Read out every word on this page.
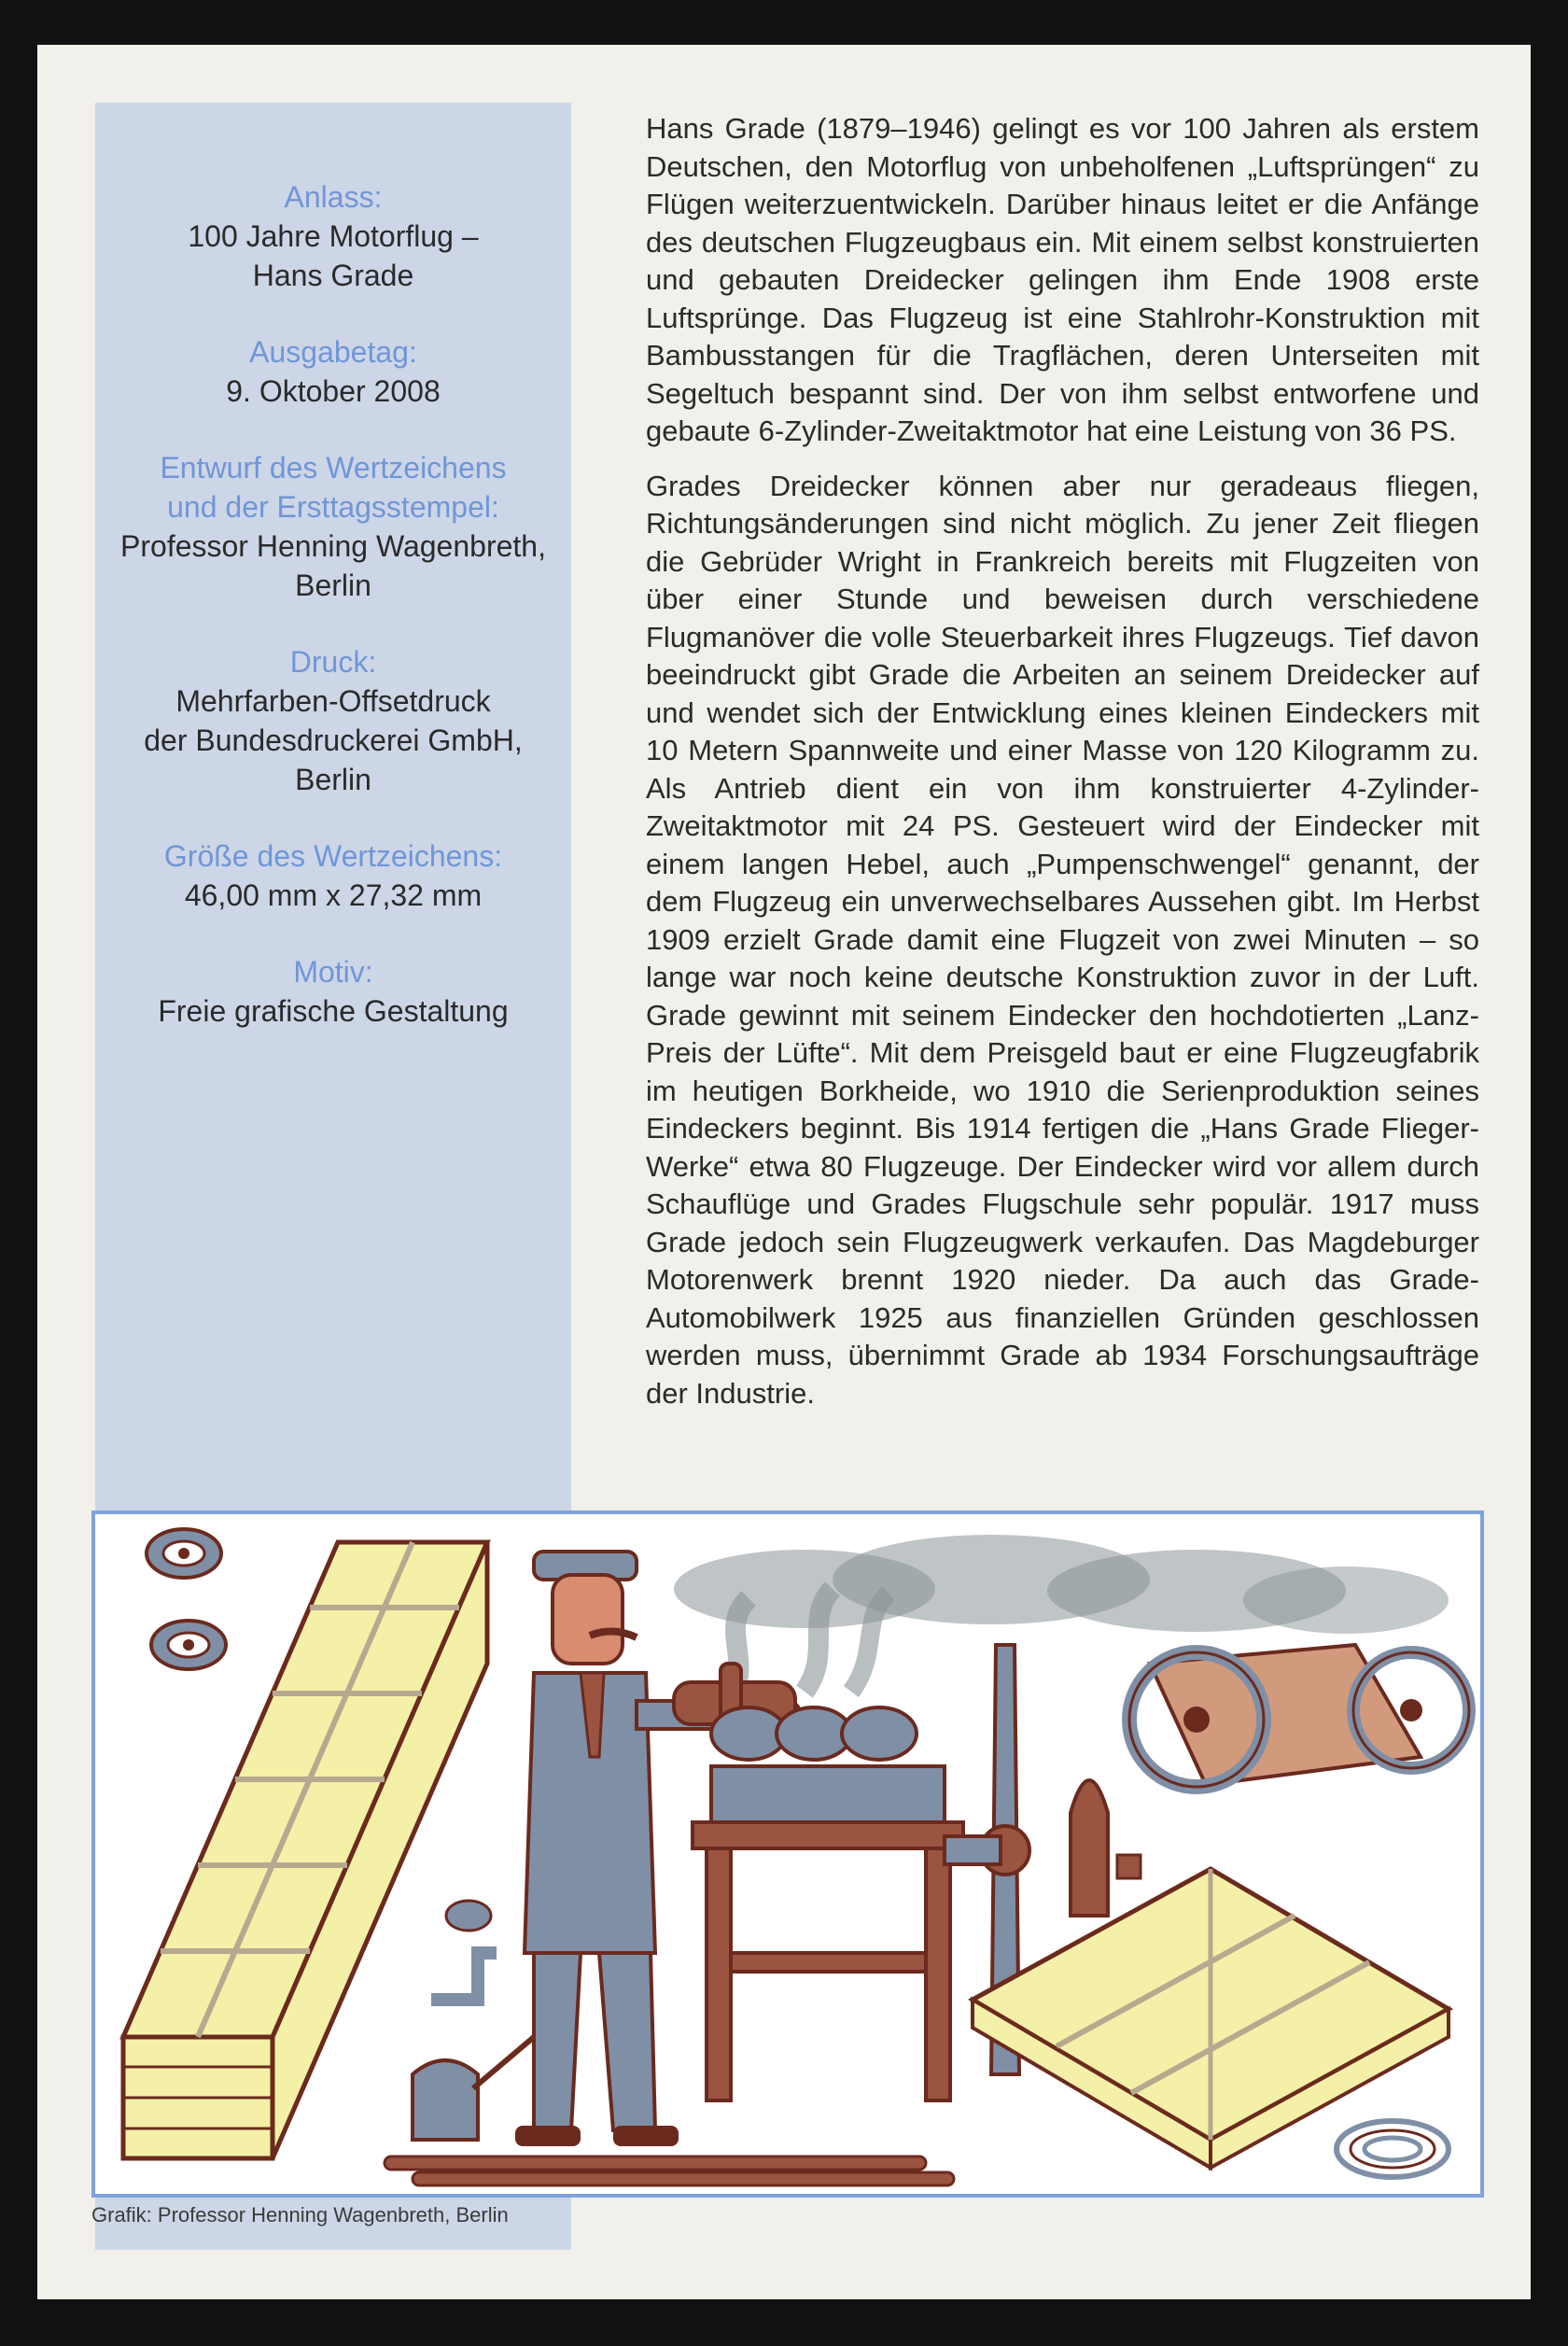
Anlass:
100 Jahre Motorflug –
Hans Grade
Ausgabetag:
9. Oktober 2008
Entwurf des Wertzeichens
und der Ersttagsstempel:
Professor Henning Wagenbreth,
Berlin
Druck:
Mehrfarben-Offsetdruck
der Bundesdruckerei GmbH,
Berlin
Größe des Wertzeichens:
46,00 mm x 27,32 mm
Motiv:
Freie grafische Gestaltung

Hans Grade (1879–1946) gelingt es vor 100 Jahren als erstem Deutschen, den Motorflug von unbeholfenen „Luftsprüngen“ zu Flügen weiterzuentwickeln. Darüber hinaus leitet er die Anfänge des deutschen Flugzeugbaus ein. Mit einem selbst konstruierten und gebauten Dreidecker gelingen ihm Ende 1908 erste Luftsprünge. Das Flugzeug ist eine Stahlrohr-Konstruktion mit Bambusstangen für die Tragflächen, deren Unterseiten mit Segeltuch bespannt sind. Der von ihm selbst entworfene und gebaute 6-Zylinder-Zweitaktmotor hat eine Leistung von 36 PS.

Grades Dreidecker können aber nur geradeaus fliegen, Richtungsänderungen sind nicht möglich. Zu jener Zeit fliegen die Gebrüder Wright in Frankreich bereits mit Flugzeiten von über einer Stunde und beweisen durch verschiedene Flugmanöver die volle Steuerbarkeit ihres Flugzeugs. Tief davon beeindruckt gibt Grade die Arbeiten an seinem Dreidecker auf und wendet sich der Entwicklung eines kleinen Eindeckers mit 10 Metern Spannweite und einer Masse von 120 Kilogramm zu. Als Antrieb dient ein von ihm konstruierter 4-Zylinder-Zweitaktmotor mit 24 PS. Gesteuert wird der Eindecker mit einem langen Hebel, auch „Pumpenschwengel“ genannt, der dem Flugzeug ein unverwechselbares Aussehen gibt. Im Herbst 1909 erzielt Grade damit eine Flugzeit von zwei Minuten – so lange war noch keine deutsche Konstruktion zuvor in der Luft. Grade gewinnt mit seinem Eindecker den hochdotierten „Lanz-Preis der Lüfte“. Mit dem Preisgeld baut er eine Flugzeugfabrik im heutigen Borkheide, wo 1910 die Serienproduktion seines Eindeckers beginnt. Bis 1914 fertigen die „Hans Grade Flieger-Werke“ etwa 80 Flugzeuge. Der Eindecker wird vor allem durch Schauflüge und Grades Flugschule sehr populär. 1917 muss Grade jedoch sein Flugzeugwerk verkaufen. Das Magdeburger Motorenwerk brennt 1920 nieder. Da auch das Grade-Automobilwerk 1925 aus finanziellen Gründen geschlossen werden muss, übernimmt Grade ab 1934 Forschungsaufträge der Industrie.

Grafik: Professor Henning Wagenbreth, Berlin
